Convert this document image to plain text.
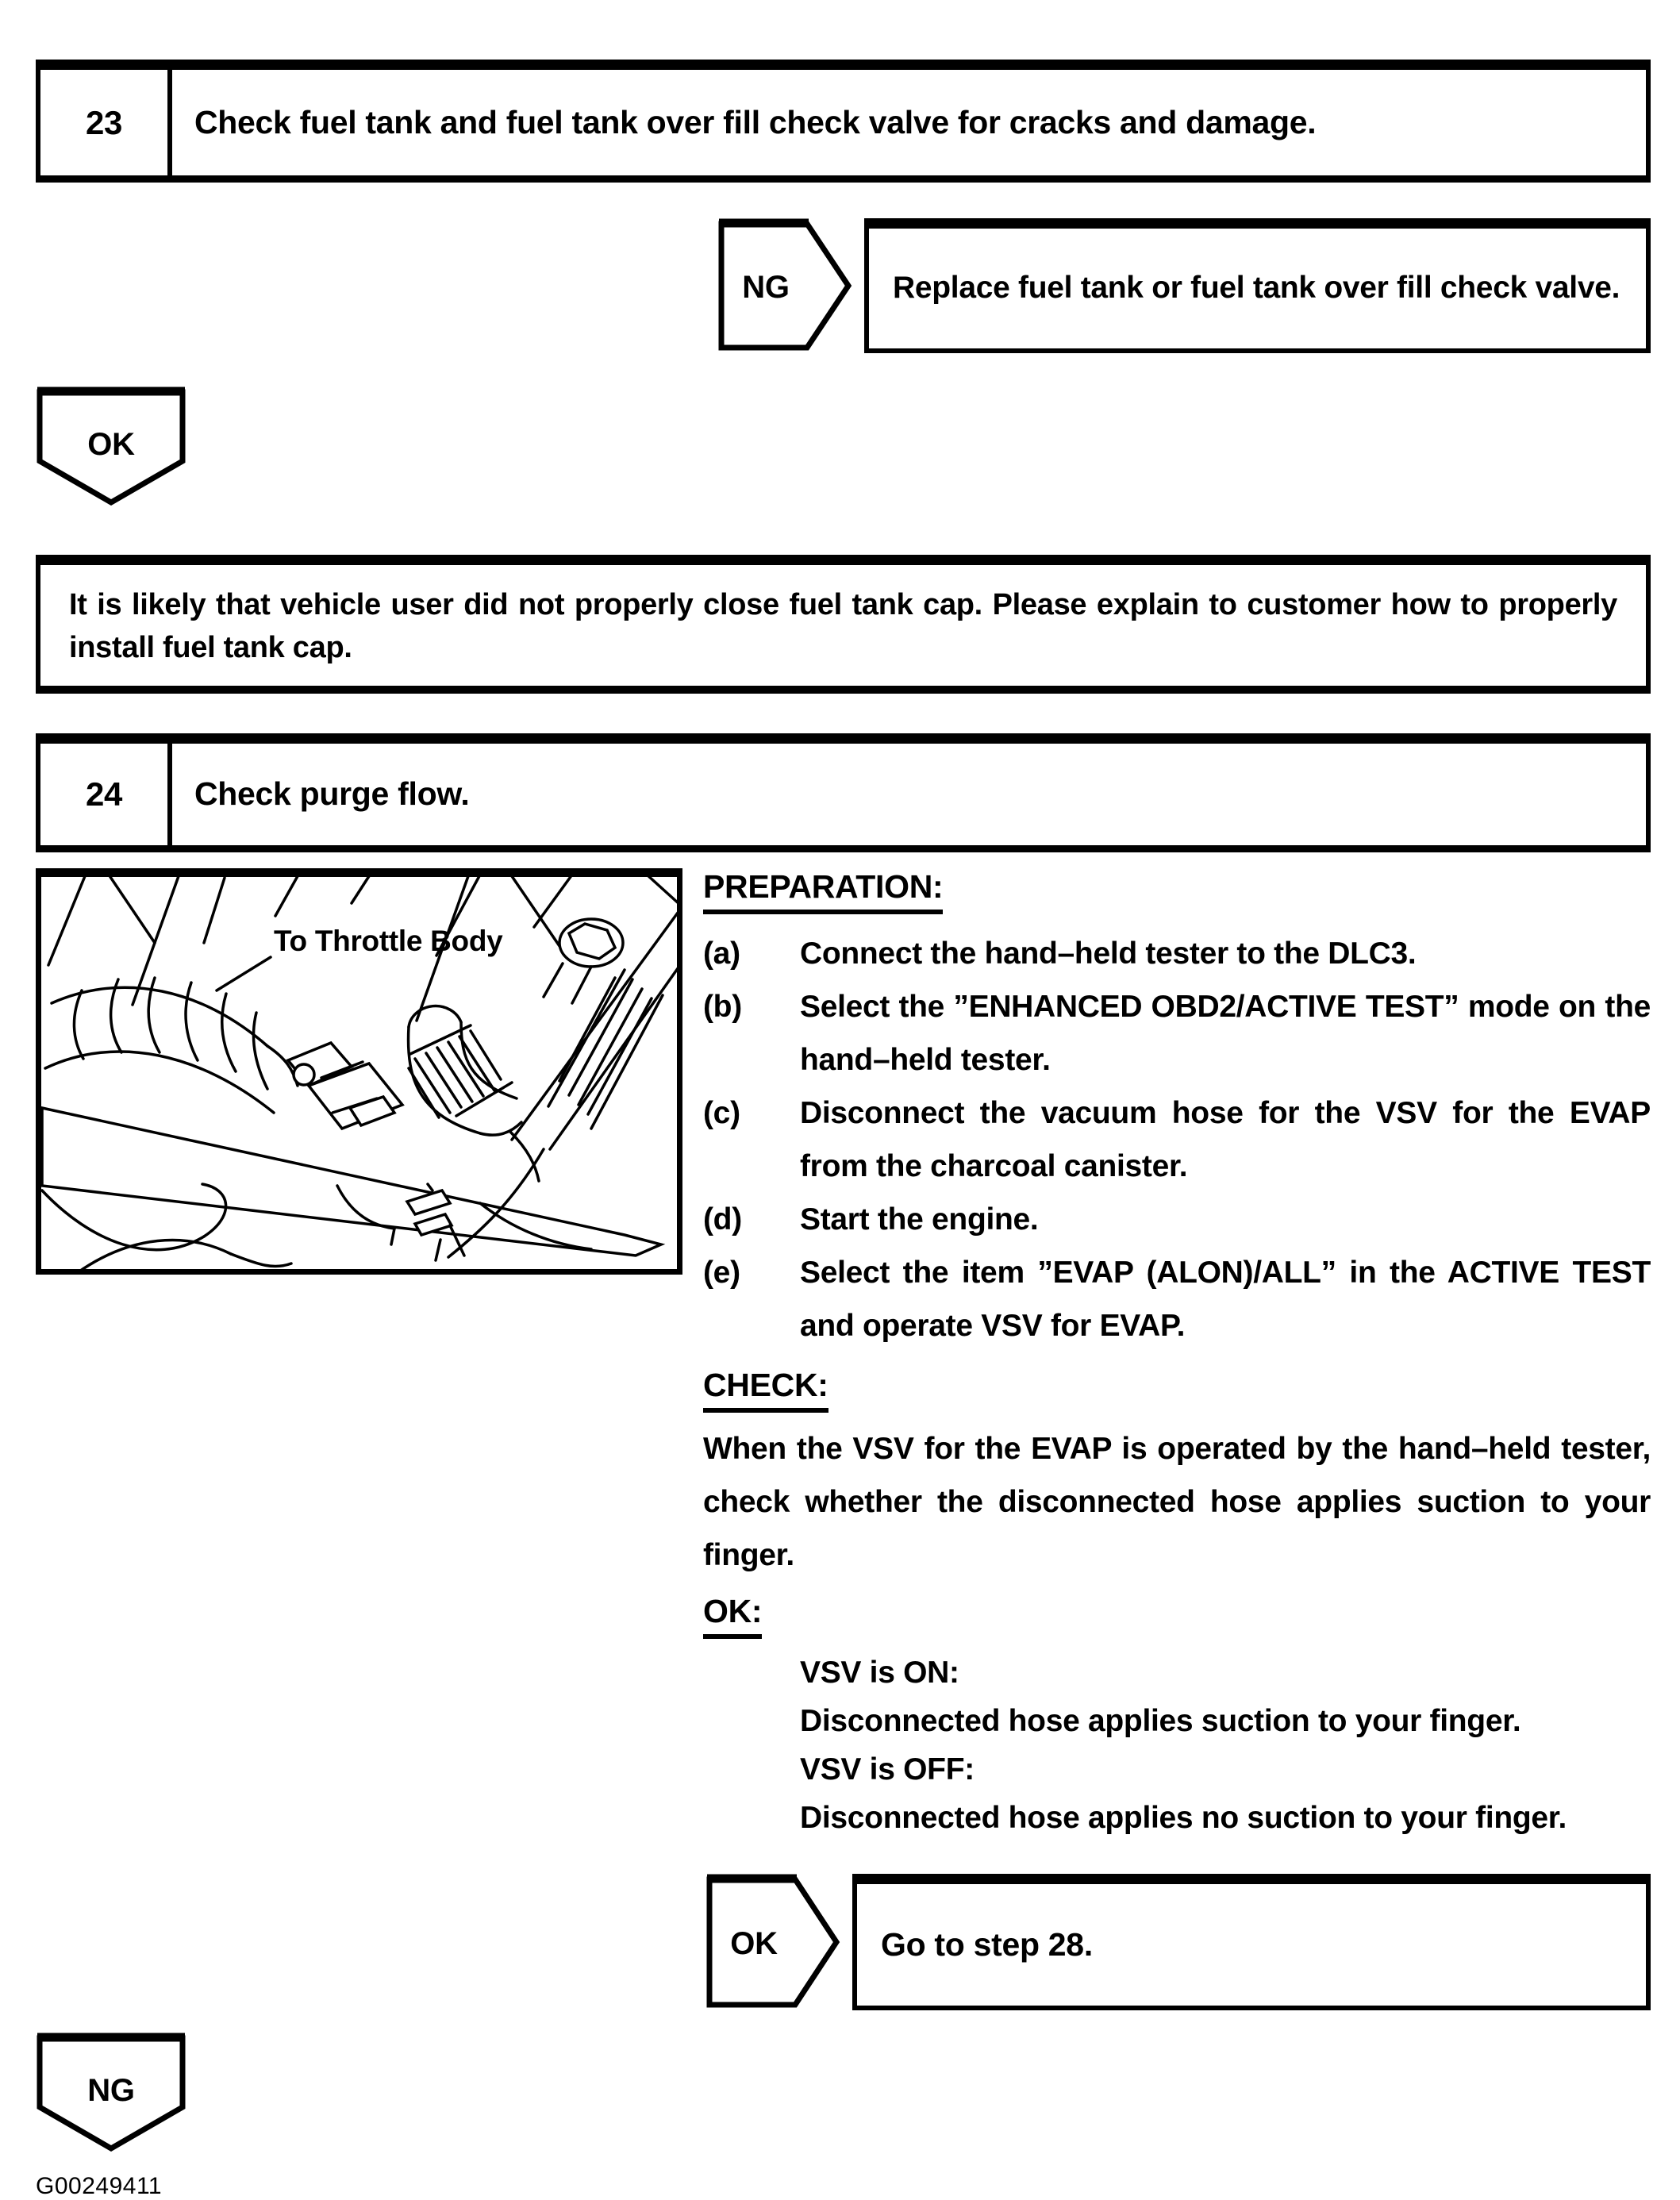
23	Check fuel tank and fuel tank over fill check valve for cracks and damage.
NG	Replace fuel tank or fuel tank over fill check valve.
OK
It is likely that vehicle user did not properly close fuel tank cap. Please explain to customer how to properly install fuel tank cap.
24	Check purge flow.
To Throttle Body
PREPARATION:
(a)	Connect the hand–held tester to the DLC3.
(b)	Select the ”ENHANCED OBD2/ACTIVE TEST” mode on the hand–held tester.
(c)	Disconnect the vacuum hose for the VSV for the EVAP from the charcoal canister.
(d)	Start the engine.
(e)	Select the item ”EVAP (ALON)/ALL” in the ACTIVE TEST and operate VSV for EVAP.
CHECK:
When the VSV for the EVAP is operated by the hand–held tester, check whether the disconnected hose applies suction to your finger.
OK:
VSV is ON:
Disconnected hose applies suction to your finger.
VSV is OFF:
Disconnected hose applies no suction to your finger.
OK	Go to step 28.
NG
G00249411
